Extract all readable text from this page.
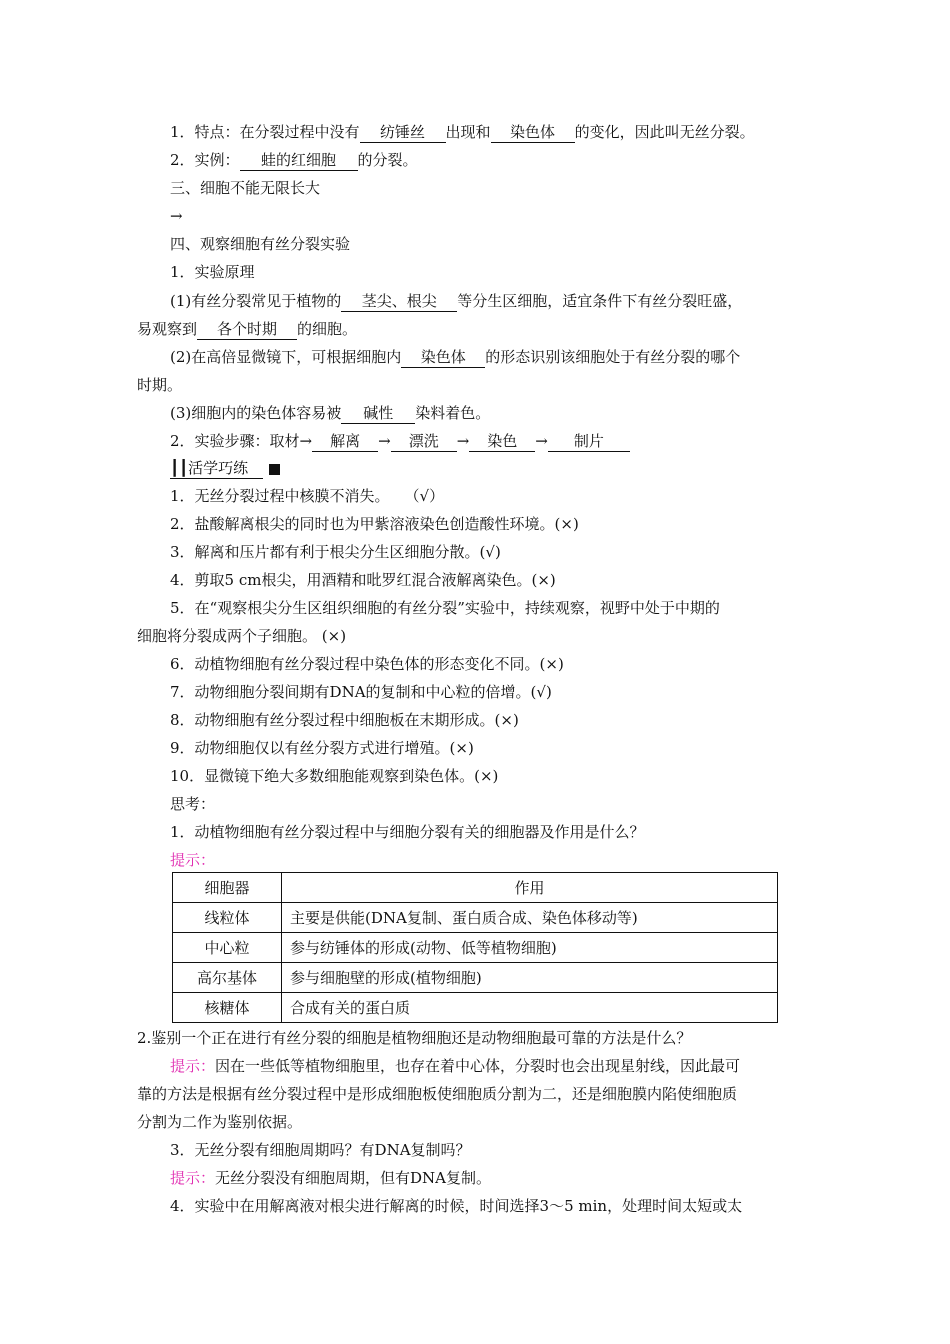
1．特点：在分裂过程中没有 纺锤丝 出现和 染色体 的变化，因此叫无丝分裂。
2．实例： 蛙的红细胞 的分裂。
三、细胞不能无限长大
→
四、观察细胞有丝分裂实验
1．实验原理
(1)有丝分裂常见于植物的 茎尖、根尖 等分生区细胞，适宜条件下有丝分裂旺盛，
易观察到 各个时期 的细胞。
(2)在高倍显微镜下，可根据细胞内 染色体 的形态识别该细胞处于有丝分裂的哪个
时期。
(3)细胞内的染色体容易被 碱性 染料着色。
2．实验步骤：取材→ 解离 → 漂洗 → 染色 → 制片
┃┃活学巧练　
1．无丝分裂过程中核膜不消失。　　（√）
2．盐酸解离根尖的同时也为甲紫溶液染色创造酸性环境。(×)
3．解离和压片都有利于根尖分生区细胞分散。(√)
4．剪取5 cm根尖，用酒精和吡罗红混合液解离染色。(×)
5．在“观察根尖分生区组织细胞的有丝分裂”实验中，持续观察，视野中处于中期的
细胞将分裂成两个子细胞。 (×)
6．动植物细胞有丝分裂过程中染色体的形态变化不同。(×)
7．动物细胞分裂间期有DNA的复制和中心粒的倍增。(√)
8．动物细胞有丝分裂过程中细胞板在末期形成。(×)
9．动物细胞仅以有丝分裂方式进行增殖。(×)
10．显微镜下绝大多数细胞能观察到染色体。(×)
思考：
1．动植物细胞有丝分裂过程中与细胞分裂有关的细胞器及作用是什么？
提示：
细胞器	作用
线粒体	主要是供能(DNA复制、蛋白质合成、染色体移动等)
中心粒	参与纺锤体的形成(动物、低等植物细胞)
高尔基体	参与细胞壁的形成(植物细胞)
核糖体	合成有关的蛋白质
2.鉴别一个正在进行有丝分裂的细胞是植物细胞还是动物细胞最可靠的方法是什么？
提示：因在一些低等植物细胞里，也存在着中心体，分裂时也会出现星射线，因此最可
靠的方法是根据有丝分裂过程中是形成细胞板使细胞质分割为二，还是细胞膜内陷使细胞质
分割为二作为鉴别依据。
3．无丝分裂有细胞周期吗？有DNA复制吗？
提示：无丝分裂没有细胞周期，但有DNA复制。
4．实验中在用解离液对根尖进行解离的时候，时间选择3～5 min，处理时间太短或太
